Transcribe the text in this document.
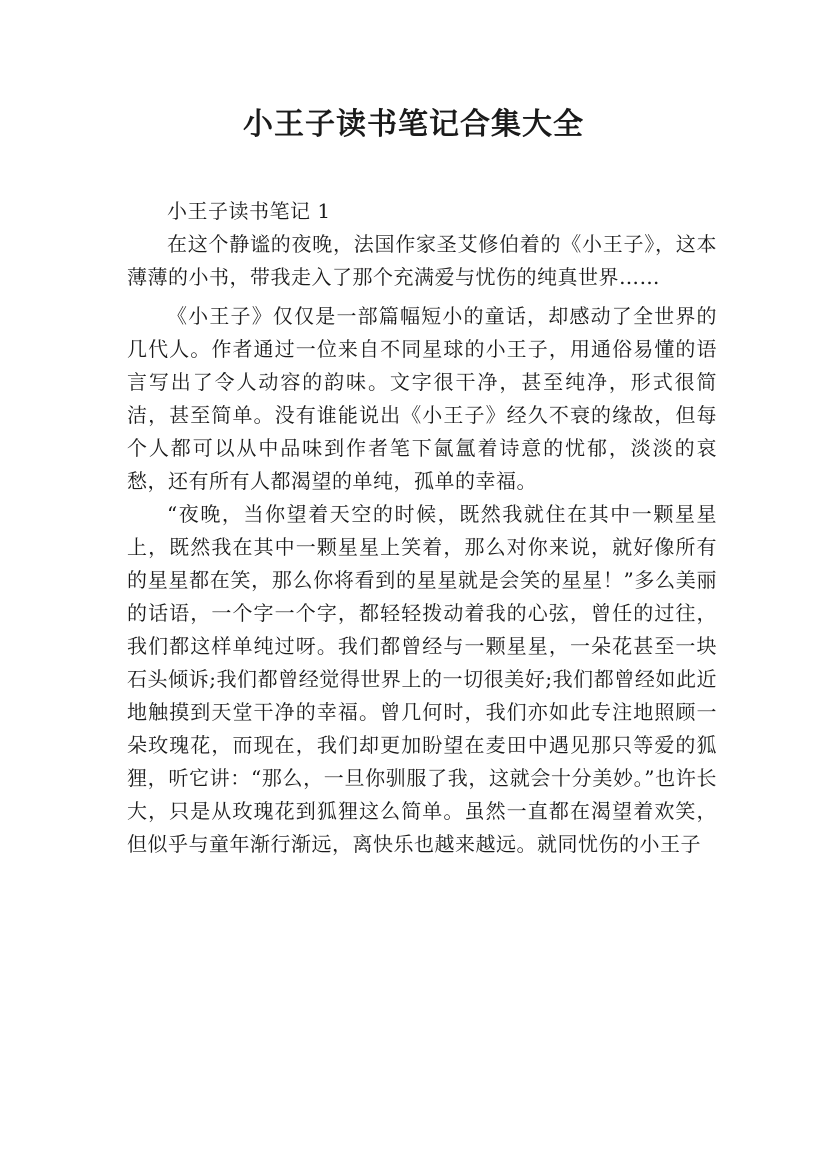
小王子读书笔记合集大全

小王子读书笔记 1

在这个静谧的夜晚，法国作家圣艾修伯着的《小王子》，这本薄薄的小书，带我走入了那个充满爱与忧伤的纯真世界……

《小王子》仅仅是一部篇幅短小的童话，却感动了全世界的几代人。作者通过一位来自不同星球的小王子，用通俗易懂的语言写出了令人动容的韵味。文字很干净，甚至纯净，形式很简洁，甚至简单。没有谁能说出《小王子》经久不衰的缘故，但每个人都可以从中品味到作者笔下氤氲着诗意的忧郁，淡淡的哀愁，还有所有人都渴望的单纯，孤单的幸福。

“夜晚，当你望着天空的时候，既然我就住在其中一颗星星上，既然我在其中一颗星星上笑着，那么对你来说，就好像所有的星星都在笑，那么你将看到的星星就是会笑的星星！”多么美丽的话语，一个字一个字，都轻轻拨动着我的心弦，曾任的过往，我们都这样单纯过呀。我们都曾经与一颗星星，一朵花甚至一块石头倾诉;我们都曾经觉得世界上的一切很美好;我们都曾经如此近地触摸到天堂干净的幸福。曾几何时，我们亦如此专注地照顾一朵玫瑰花，而现在，我们却更加盼望在麦田中遇见那只等爱的狐狸，听它讲：“那么，一旦你驯服了我，这就会十分美妙。”也许长大，只是从玫瑰花到狐狸这么简单。虽然一直都在渴望着欢笑，但似乎与童年渐行渐远，离快乐也越来越远。就同忧伤的小王子
